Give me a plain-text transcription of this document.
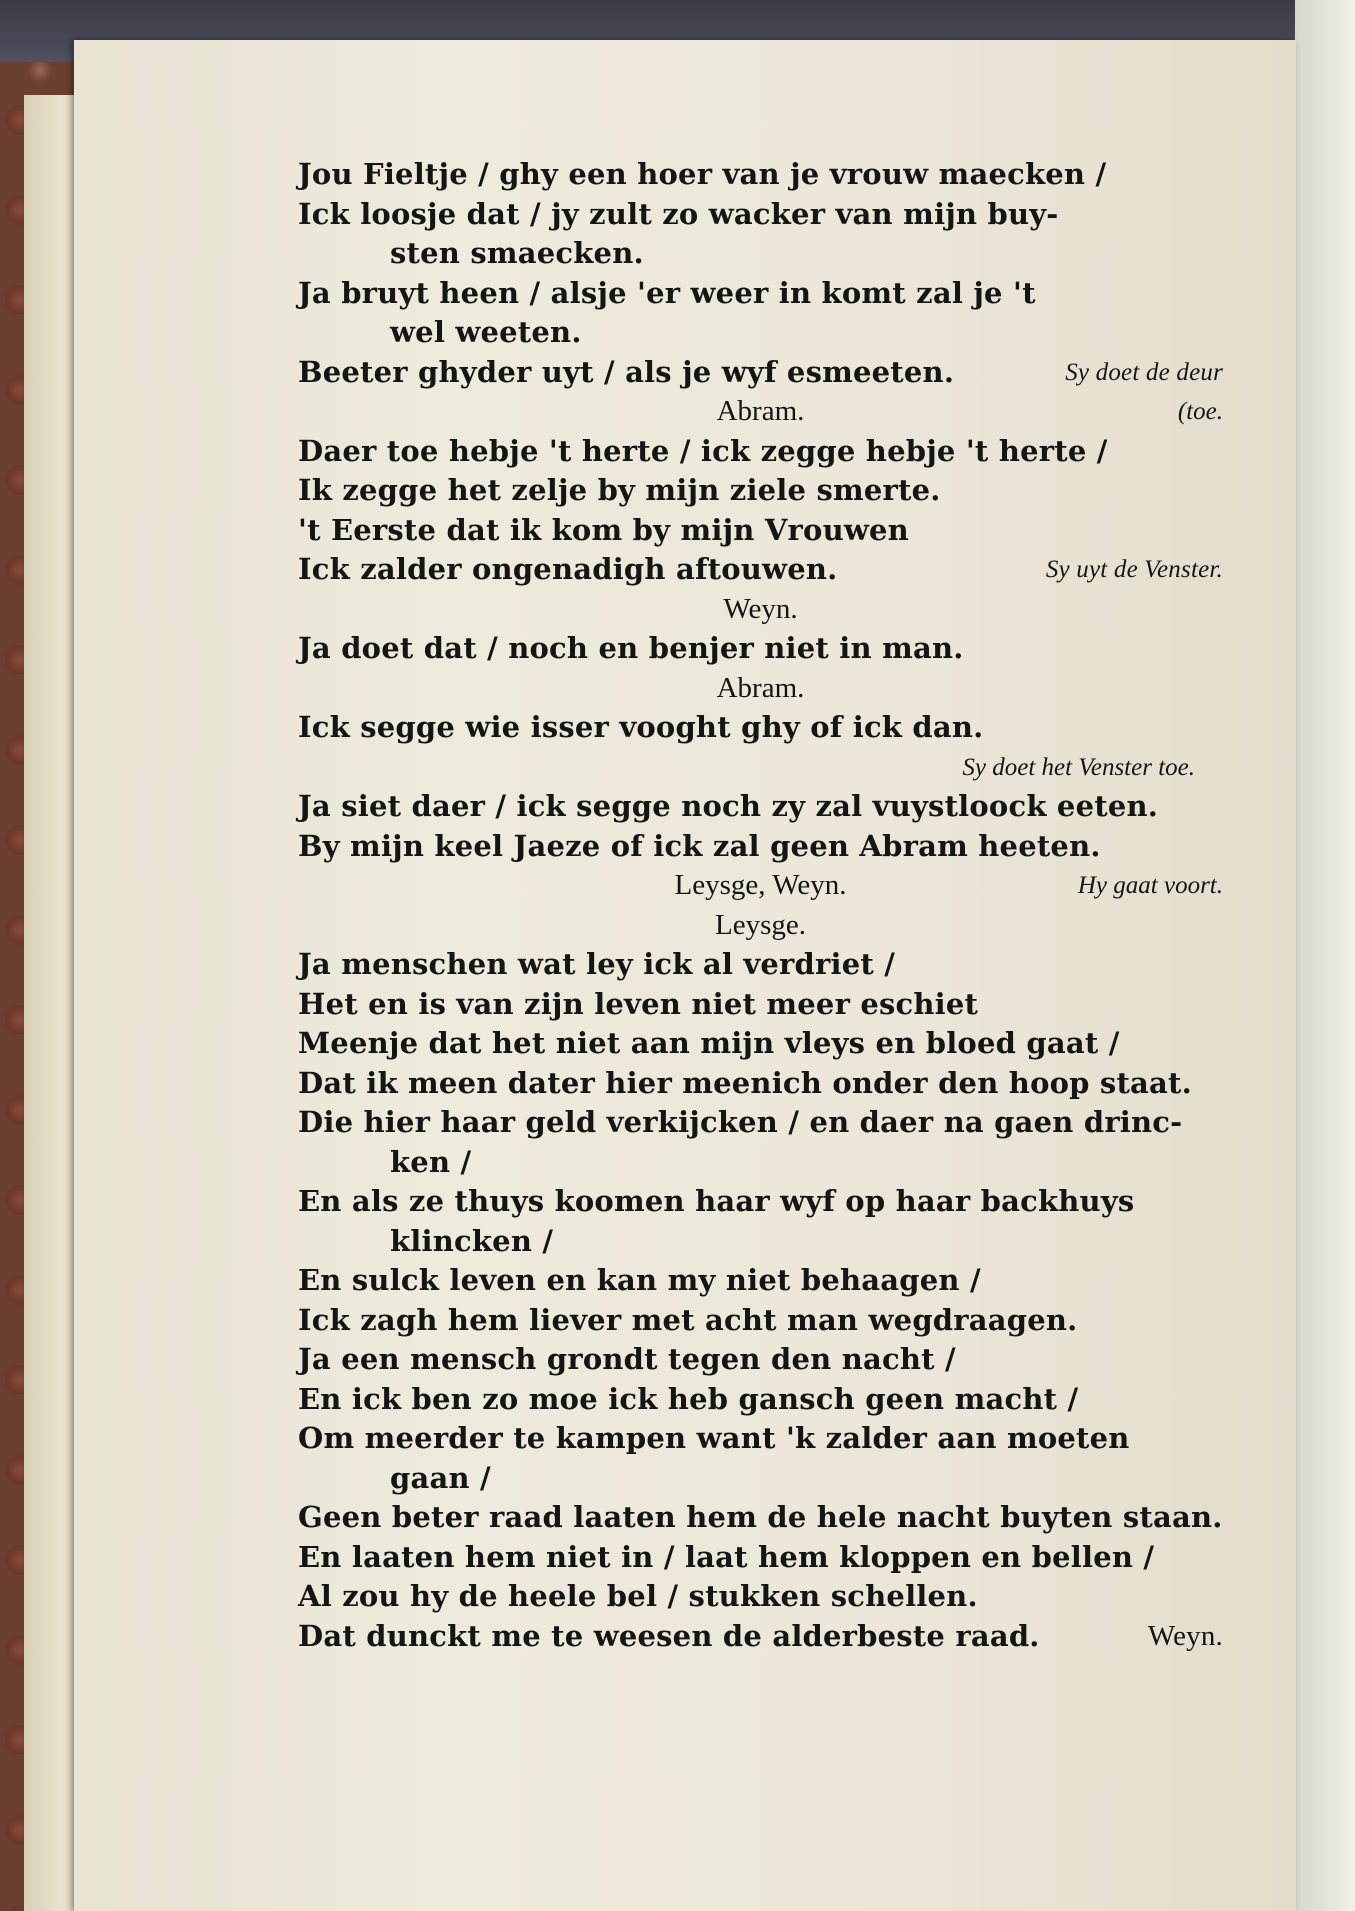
Jou Fieltje / ghy een hoer van je vrouw maecken /
Ick loosje dat / jy zult zo wacker van mijn buy-
sten smaecken.
Ja bruyt heen / alsje 'er weer in komt zal je 't
wel weeten.
Beeter ghyder uyt / als je wyf esmeeten.	Sy doet de deur
Abram.	(toe.
Daer toe hebje 't herte / ick zegge hebje 't herte /
Ik zegge het zelje by mijn ziele smerte.
't Eerste dat ik kom by mijn Vrouwen
Ick zalder ongenadigh aftouwen.	Sy uyt de Venster.
Weyn.
Ja doet dat / noch en benjer niet in man.
Abram.
Ick segge wie isser vooght ghy of ick dan.
Sy doet het Venster toe.
Ja siet daer / ick segge noch zy zal vuystloock eeten.
By mijn keel Jaeze of ick zal geen Abram heeten.
Leysge, Weyn.	Hy gaat voort.
Leysge.
Ja menschen wat ley ick al verdriet /
Het en is van zijn leven niet meer eschiet
Meenje dat het niet aan mijn vleys en bloed gaat /
Dat ik meen dater hier meenich onder den hoop staat.
Die hier haar geld verkijcken / en daer na gaen drinc-
ken /
En als ze thuys koomen haar wyf op haar backhuys
klincken /
En sulck leven en kan my niet behaagen /
Ick zagh hem liever met acht man wegdraagen.
Ja een mensch grondt tegen den nacht /
En ick ben zo moe ick heb gansch geen macht /
Om meerder te kampen want 'k zalder aan moeten
gaan /
Geen beter raad laaten hem de hele nacht buyten staan.
En laaten hem niet in / laat hem kloppen en bellen /
Al zou hy de heele bel / stukken schellen.
Dat dunckt me te weesen de alderbeste raad.	Weyn.
